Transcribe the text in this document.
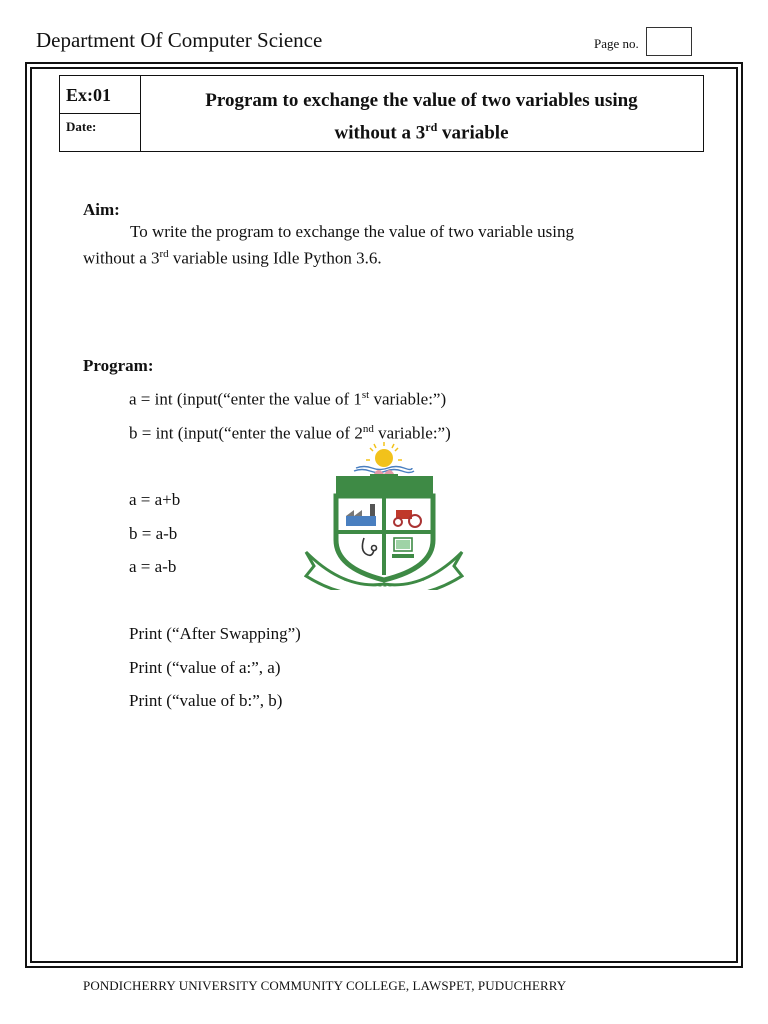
Department Of Computer Science	Page no.
Ex:01
Date:
Program to exchange the value of two variables using
without a 3rd variable
Aim:
To write the program to exchange the value of two variable using
without a 3rd variable using Idle Python 3.6.
Program:
a = int (input(“enter the value of 1st variable:”)
b = int (input(“enter the value of 2nd variable:”)
a = a+b
b = a-b
a = a-b
Print (“After Swapping”)
Print (“value of a:”, a)
Print (“value of b:”, b)
PONDICHERRY UNIVERSITY COMMUNITY COLLEGE, LAWSPET, PUDUCHERRY
